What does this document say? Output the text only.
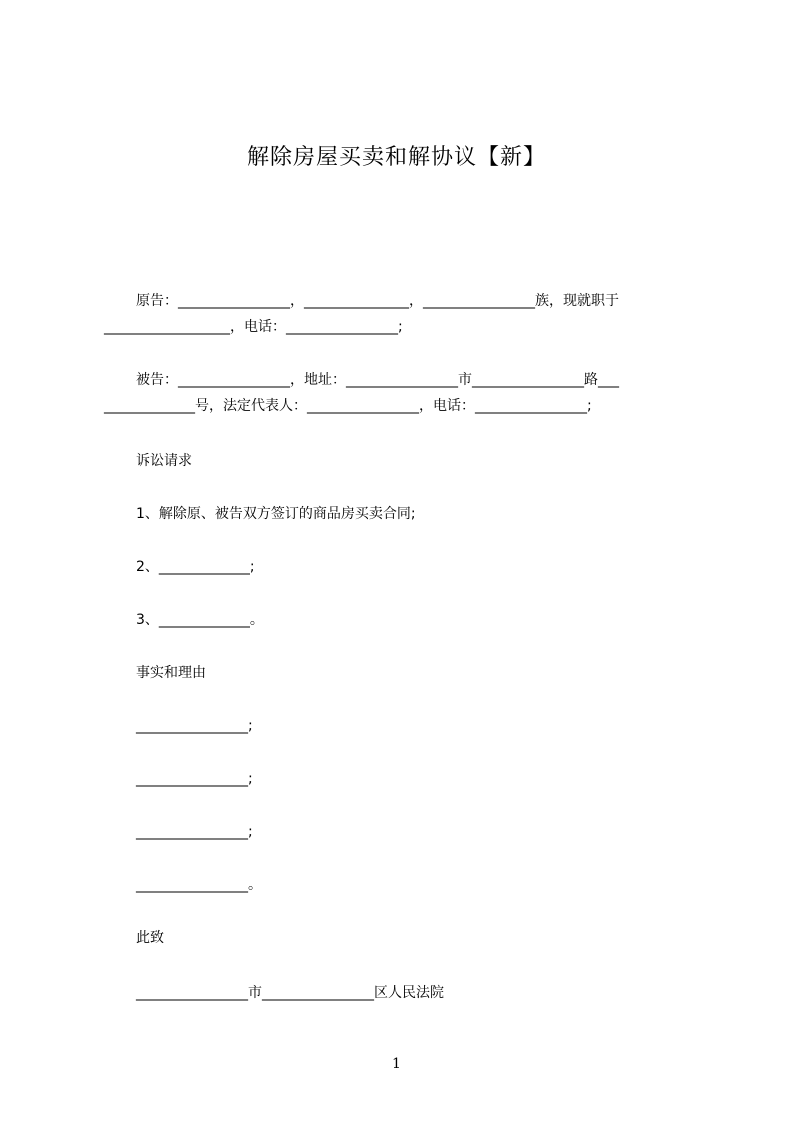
解除房屋买卖和解协议【新】

原告：________________，_______________，________________族，现就职于

__________________，电话：________________;

被告：________________，地址：________________市________________路___

_____________号，法定代表人：________________，电话：________________;

诉讼请求

1、解除原、被告双方签订的商品房买卖合同;

2、_____________;

3、_____________。

事实和理由

________________;

________________;

________________;

________________。

此致

________________市________________区人民法院

1
